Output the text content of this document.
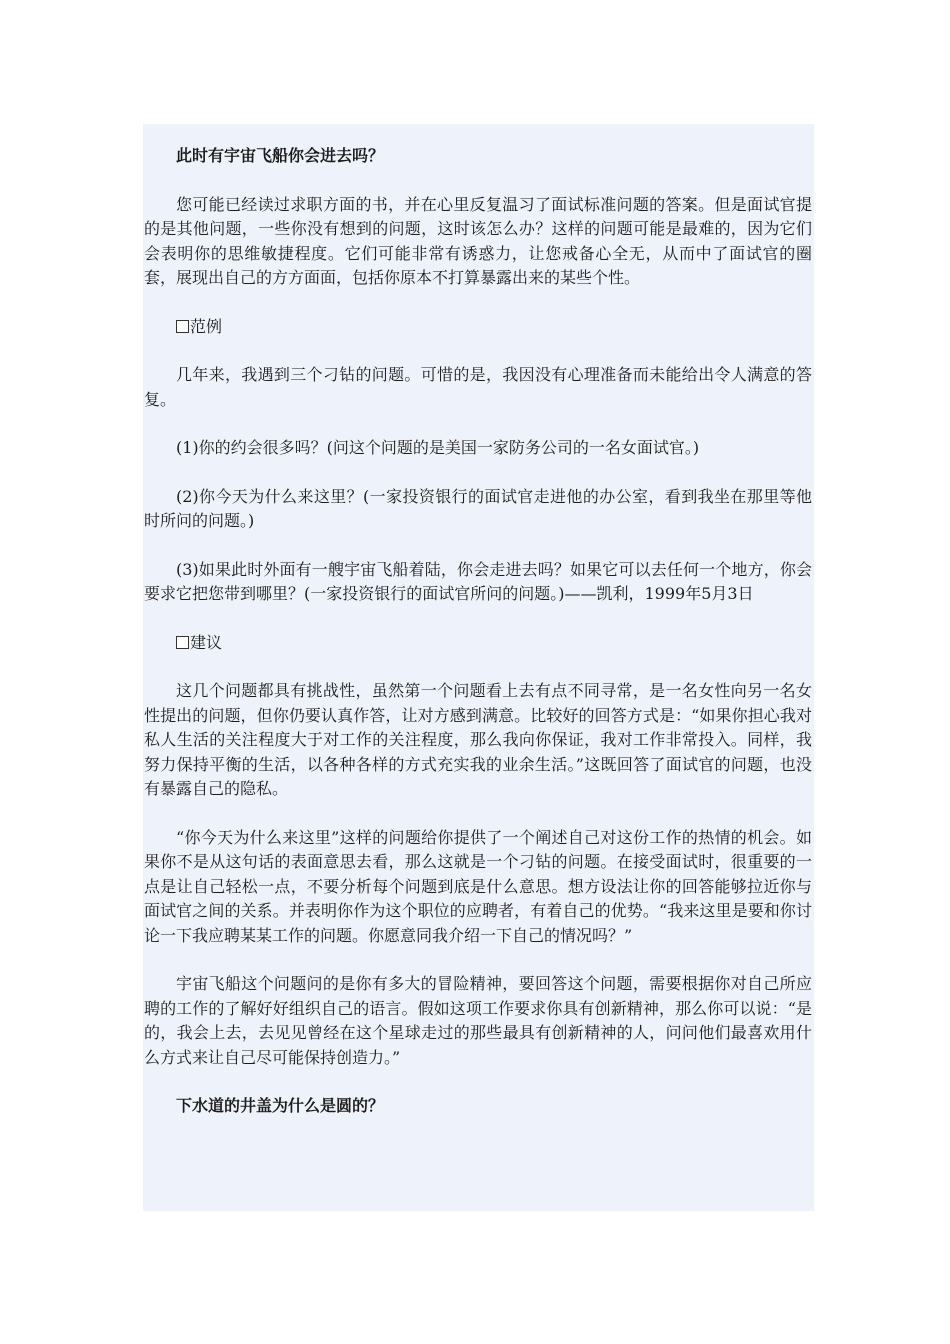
此时有宇宙飞船你会进去吗？

您可能已经读过求职方面的书，并在心里反复温习了面试标准问题的答案。但是面试官提的是其他问题，一些你没有想到的问题，这时该怎么办？这样的问题可能是最难的，因为它们会表明你的思维敏捷程度。它们可能非常有诱惑力，让您戒备心全无，从而中了面试官的圈套，展现出自己的方方面面，包括你原本不打算暴露出来的某些个性。

范例

几年来，我遇到三个刁钻的问题。可惜的是，我因没有心理准备而未能给出令人满意的答复。

(1)你的约会很多吗？(问这个问题的是美国一家防务公司的一名女面试官。)

(2)你今天为什么来这里？(一家投资银行的面试官走进他的办公室，看到我坐在那里等他时所问的问题。)

(3)如果此时外面有一艘宇宙飞船着陆，你会走进去吗？如果它可以去任何一个地方，你会要求它把您带到哪里？(一家投资银行的面试官所问的问题。)——凯利，1999年5月3日

建议

这几个问题都具有挑战性，虽然第一个问题看上去有点不同寻常，是一名女性向另一名女性提出的问题，但你仍要认真作答，让对方感到满意。比较好的回答方式是：“如果你担心我对私人生活的关注程度大于对工作的关注程度，那么我向你保证，我对工作非常投入。同样，我努力保持平衡的生活，以各种各样的方式充实我的业余生活。”这既回答了面试官的问题，也没有暴露自己的隐私。

“你今天为什么来这里”这样的问题给你提供了一个阐述自己对这份工作的热情的机会。如果你不是从这句话的表面意思去看，那么这就是一个刁钻的问题。在接受面试时，很重要的一点是让自己轻松一点，不要分析每个问题到底是什么意思。想方设法让你的回答能够拉近你与面试官之间的关系。并表明你作为这个职位的应聘者，有着自己的优势。“我来这里是要和你讨论一下我应聘某某工作的问题。你愿意同我介绍一下自己的情况吗？”

宇宙飞船这个问题问的是你有多大的冒险精神，要回答这个问题，需要根据你对自己所应聘的工作的了解好好组织自己的语言。假如这项工作要求你具有创新精神，那么你可以说：“是的，我会上去，去见见曾经在这个星球走过的那些最具有创新精神的人，问问他们最喜欢用什么方式来让自己尽可能保持创造力。”

下水道的井盖为什么是圆的？
